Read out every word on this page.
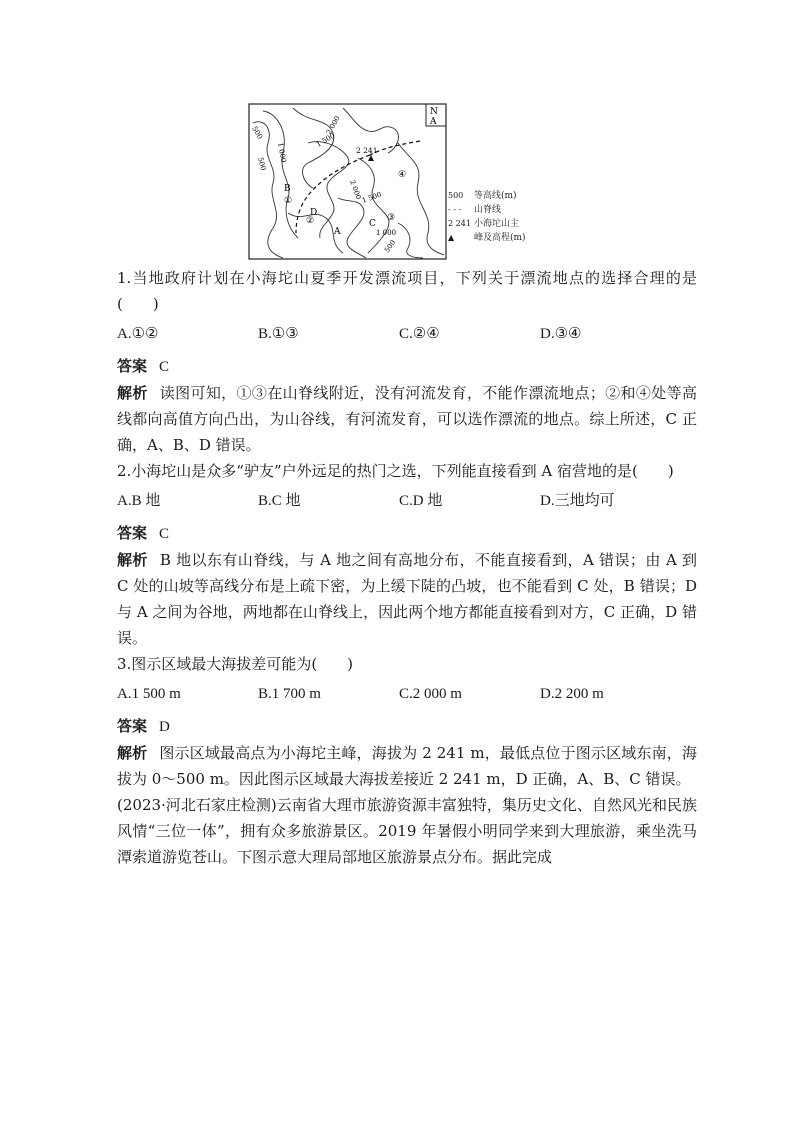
N
A
500	1 500
2 000
500
1 000
2 000
1 500
1 000
500
2 241
B
C
D
A
①
②	③
④
500 等高线(m)
- - - 山脊线
2 241 小海坨山主
▲ 峰及高程(m)

1.当地政府计划在小海坨山夏季开发漂流项目，下列关于漂流地点的选择合理的是(　　)

A.①②	B.①③	C.②④	D.③④

答案 C

解析 读图可知，①③在山脊线附近，没有河流发育，不能作漂流地点；②和④处等高线都向高值方向凸出，为山谷线，有河流发育，可以选作漂流的地点。综上所述，C 正确，A、B、D 错误。

2.小海坨山是众多“驴友”户外远足的热门之选，下列能直接看到 A 宿营地的是(　　)

A.B 地	B.C 地	C.D 地	D.三地均可

答案 C

解析 B 地以东有山脊线，与 A 地之间有高地分布，不能直接看到，A 错误；由 A 到 C 处的山坡等高线分布是上疏下密，为上缓下陡的凸坡，也不能看到 C 处，B 错误；D 与 A 之间为谷地，两地都在山脊线上，因此两个地方都能直接看到对方，C 正确，D 错误。

3.图示区域最大海拔差可能为(　　)

A.1 500 m	B.1 700 m	C.2 000 m	D.2 200 m

答案 D

解析 图示区域最高点为小海坨主峰，海拔为 2 241 m，最低点位于图示区域东南，海拔为 0～500 m。因此图示区域最大海拔差接近 2 241 m，D 正确，A、B、C 错误。

(2023·河北石家庄检测)云南省大理市旅游资源丰富独特，集历史文化、自然风光和民族风情“三位一体”，拥有众多旅游景区。2019 年暑假小明同学来到大理旅游，乘坐洗马潭索道游览苍山。下图示意大理局部地区旅游景点分布。据此完成
